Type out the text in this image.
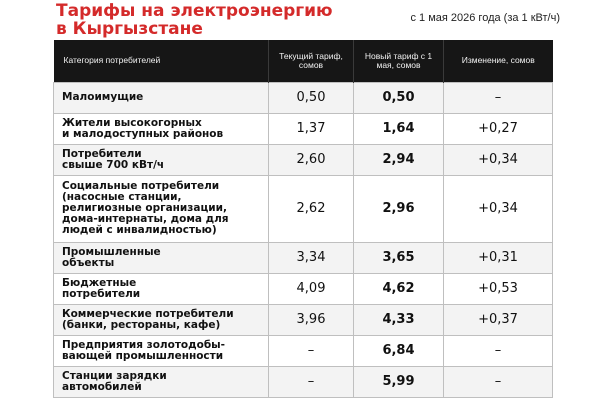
Тарифы на электроэнергию
в Кыргызстане
с 1 мая 2026 года (за 1 кВт/ч)
Категория потребителей	Текущий тариф, сомов	Новый тариф с 1 мая, сомов	Изменение, сомов

Малоимущие	0,50	0,50	–

Жители высокогорных
и малодоступных районов	1,37	1,64	+0,27

Потребители
свыше 700 кВт/ч	2,60	2,94	+0,34

Социальные потребители
(насосные станции,
религиозные организации,
дома-интернаты, дома для
людей с инвалидностью)	2,62	2,96	+0,34

Промышленные
объекты	3,34	3,65	+0,31

Бюджетные
потребители	4,09	4,62	+0,53

Коммерческие потребители
(банки, рестораны, кафе)	3,96	4,33	+0,37

Предприятия золотодобы-
вающей промышленности	–	6,84	–

Станции зарядки
автомобилей	–	5,99	–
